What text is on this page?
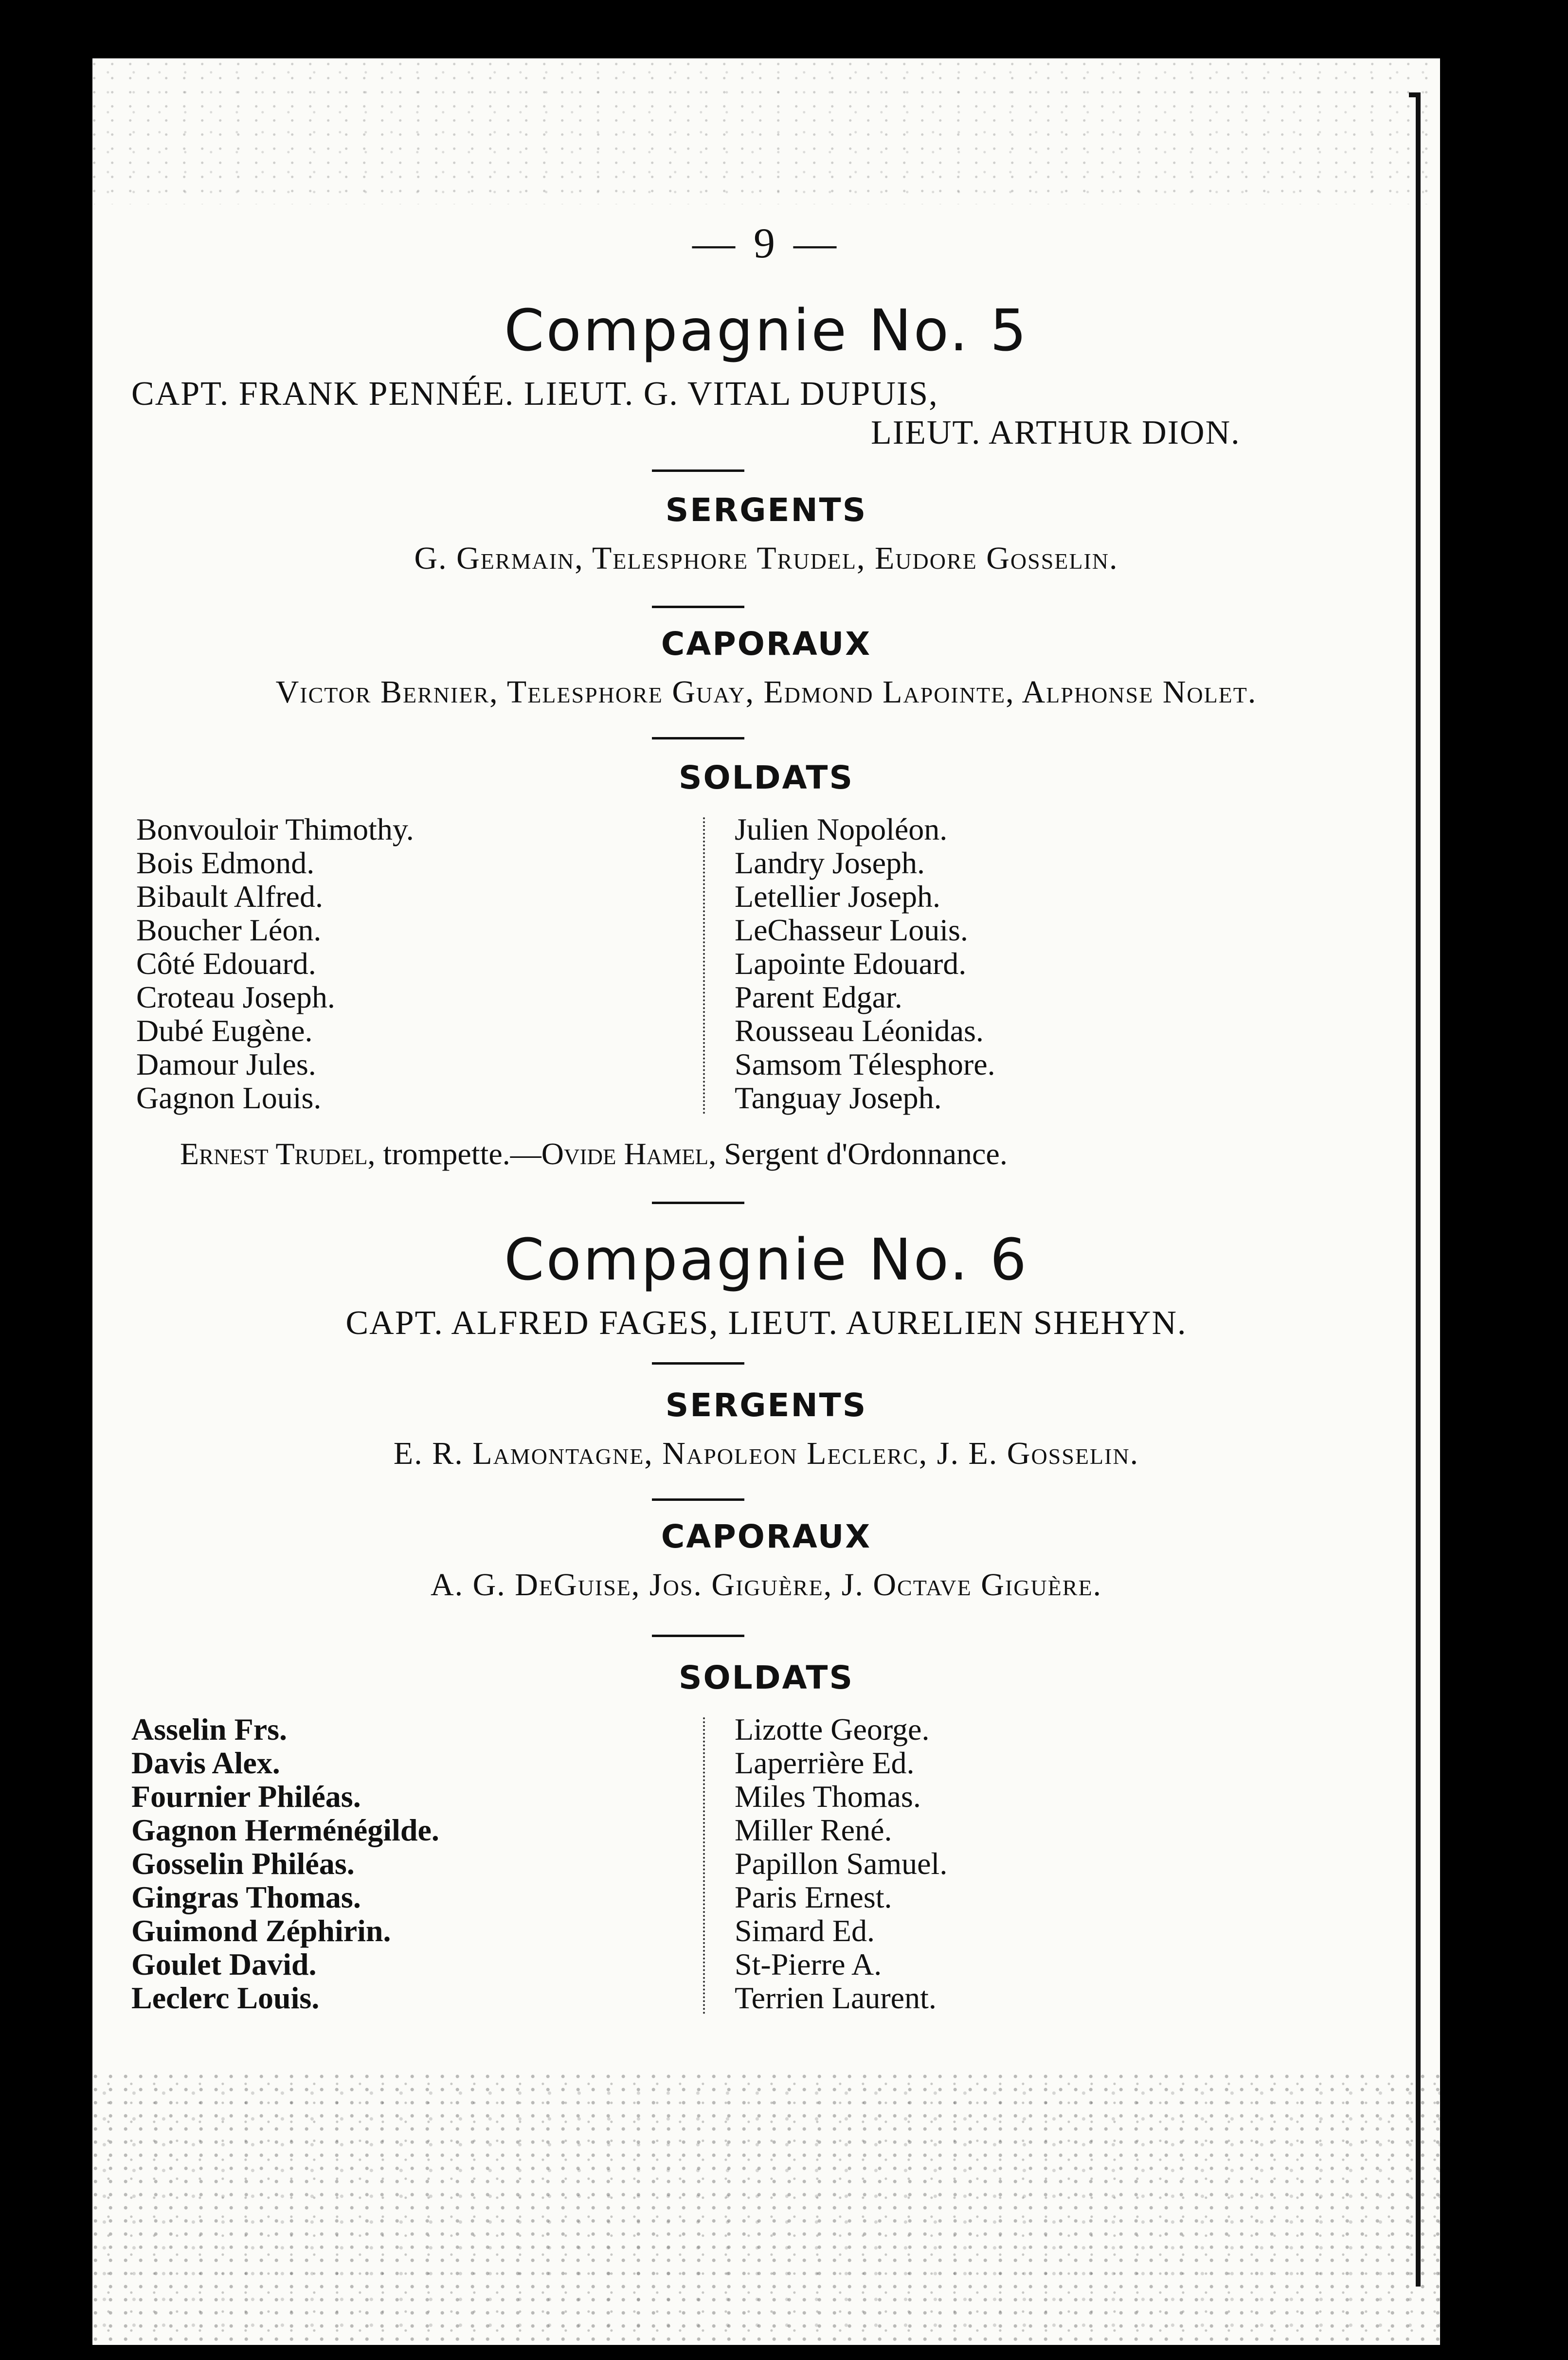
— 9 —
Compagnie No. 5
CAPT. FRANK PENNÉE. LIEUT. G. VITAL DUPUIS,
LIEUT. ARTHUR DION.
SERGENTS
G. Germain, Telesphore Trudel, Eudore Gosselin.
CAPORAUX
Victor Bernier, Telesphore Guay, Edmond Lapointe, Alphonse Nolet.
SOLDATS
Bonvouloir Thimothy.
Bois Edmond.
Bibault Alfred.
Boucher Léon.
Côté Edouard.
Croteau Joseph.
Dubé Eugène.
Damour Jules.
Gagnon Louis.
Julien Nopoléon.
Landry Joseph.
Letellier Joseph.
LeChasseur Louis.
Lapointe Edouard.
Parent Edgar.
Rousseau Léonidas.
Samsom Télesphore.
Tanguay Joseph.
Ernest Trudel, trompette.—Ovide Hamel, Sergent d'Ordonnance.
Compagnie No. 6
CAPT. ALFRED FAGES, LIEUT. AURELIEN SHEHYN.
SERGENTS
E. R. Lamontagne, Napoleon Leclerc, J. E. Gosselin.
CAPORAUX
A. G. DeGuise, Jos. Giguère, J. Octave Giguère.
SOLDATS
Asselin Frs.
Davis Alex.
Fournier Philéas.
Gagnon Herménégilde.
Gosselin Philéas.
Gingras Thomas.
Guimond Zéphirin.
Goulet David.
Leclerc Louis.
Lizotte George.
Laperrière Ed.
Miles Thomas.
Miller René.
Papillon Samuel.
Paris Ernest.
Simard Ed.
St-Pierre A.
Terrien Laurent.
